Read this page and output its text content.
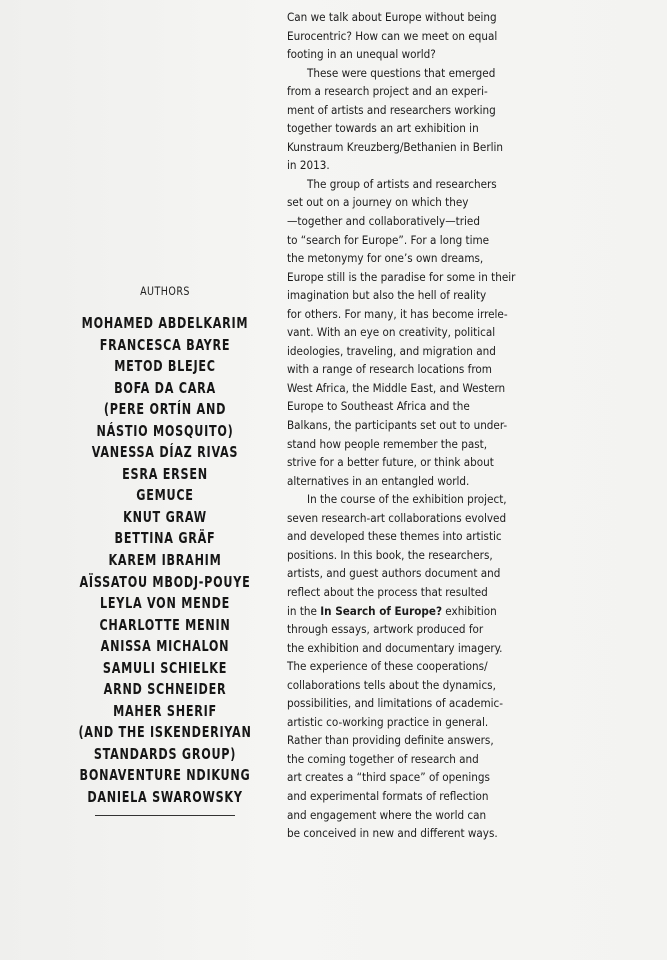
AUTHORS
MOHAMED ABDELKARIM
FRANCESCA BAYRE
METOD BLEJEC
BOFA DA CARA
(PERE ORTÍN AND
NÁSTIO MOSQUITO)
VANESSA DÍAZ RIVAS
ESRA ERSEN
GEMUCE
KNUT GRAW
BETTINA GRÄF
KAREM IBRAHIM
AÏSSATOU MBODJ-POUYE
LEYLA VON MENDE
CHARLOTTE MENIN
ANISSA MICHALON
SAMULI SCHIELKE
ARND SCHNEIDER
MAHER SHERIF
(AND THE ISKENDERIYAN
STANDARDS GROUP)
BONAVENTURE NDIKUNG
DANIELA SWAROWSKY
Can we talk about Europe without being
Eurocentric? How can we meet on equal
footing in an unequal world?
These were questions that emerged
from a research project and an experi-
ment of artists and researchers working
together towards an art exhibition in
Kunstraum Kreuzberg/Bethanien in Berlin
in 2013.
The group of artists and researchers
set out on a journey on which they
—together and collaboratively—tried
to “search for Europe”. For a long time
the metonymy for one’s own dreams,
Europe still is the paradise for some in their
imagination but also the hell of reality
for others. For many, it has become irrele-
vant. With an eye on creativity, political
ideologies, traveling, and migration and
with a range of research locations from
West Africa, the Middle East, and Western
Europe to Southeast Africa and the
Balkans, the participants set out to under-
stand how people remember the past,
strive for a better future, or think about
alternatives in an entangled world.
In the course of the exhibition project,
seven research-art collaborations evolved
and developed these themes into artistic
positions. In this book, the researchers,
artists, and guest authors document and
reflect about the process that resulted
in the In Search of Europe? exhibition
through essays, artwork produced for
the exhibition and documentary imagery.
The experience of these cooperations/
collaborations tells about the dynamics,
possibilities, and limitations of academic-
artistic co-working practice in general.
Rather than providing definite answers,
the coming together of research and
art creates a “third space” of openings
and experimental formats of reflection
and engagement where the world can
be conceived in new and different ways.
